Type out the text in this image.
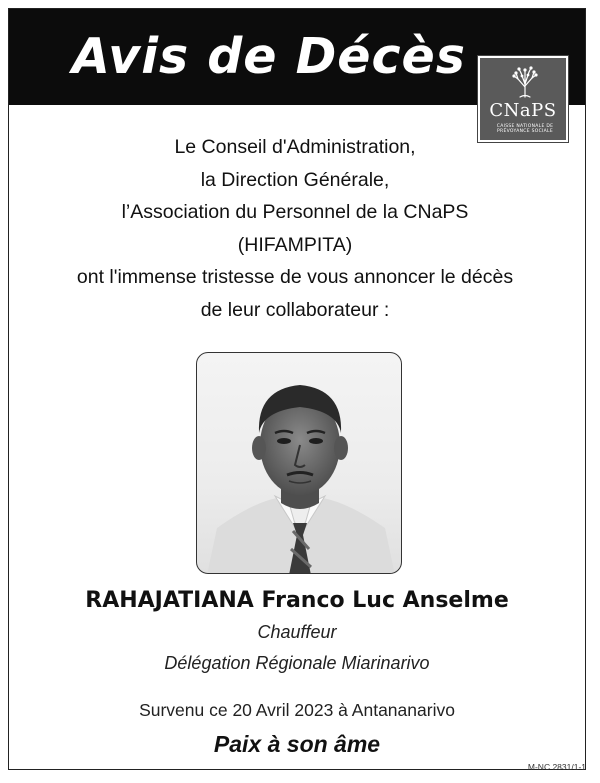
Avis de Décès
CNaPS
CAISSE NATIONALE DE PRÉVOYANCE SOCIALE
Le Conseil d'Administration,
la Direction Générale,
l’Association du Personnel de la CNaPS
(HIFAMPITA)
ont l'immense tristesse de vous annoncer le décès
de leur collaborateur :
RAHAJATIANA Franco Luc Anselme
Chauffeur
Délégation Régionale Miarinarivo
Survenu ce 20 Avril 2023 à Antananarivo
Paix à son âme
M-NC 2831/1-1
